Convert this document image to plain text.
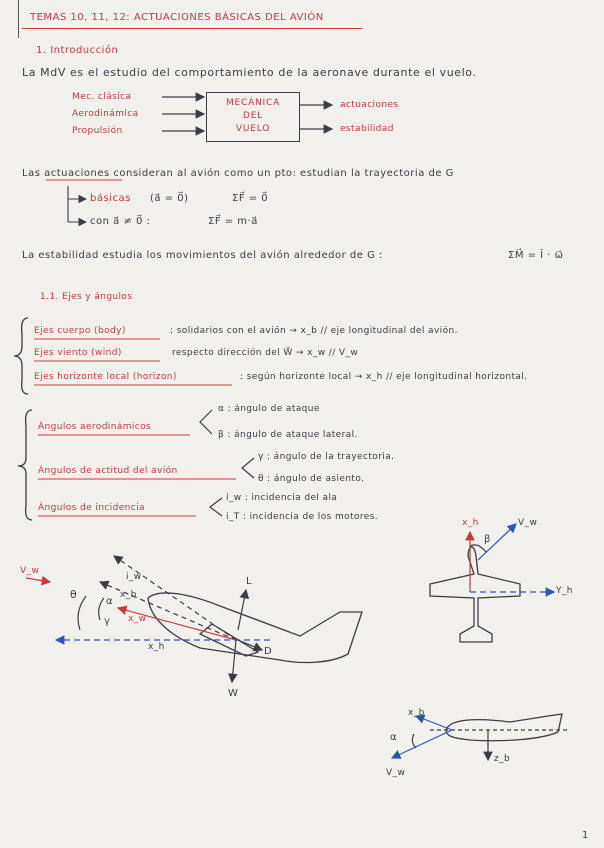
TEMAS 10, 11, 12: ACTUACIONES BÁSICAS DEL AVIÓN
1. Introducción
La MdV es el estudio del comportamiento de la aeronave durante el vuelo.
Mec. clásica
Aerodinámica
Propulsión
MECÁNICA
DEL
VUELO
actuaciones
estabilidad
Las actuaciones consideran al avión como un pto: estudian la trayectoria de G
básicas (a⃗ = 0⃗)	ΣF⃗ = 0⃗
con a⃗ ≠ 0⃗ :	ΣF⃗ = m·a⃗
La estabilidad estudia los movimientos del avión alrededor de G :	ΣM⃗ = Ī · ω⃗
1.1. Ejes y ángulos
Ejes cuerpo (body)	: solidarios con el avión → x_b // eje longitudinal del avión.
Ejes viento (wind)	respecto dirección del W⃗ → x_w // V_w
Ejes horizonte local (horizon)	: según horizonte local → x_h // eje longitudinal horizontal.
Ángulos aerodinámicos
α : ángulo de ataque
β : ángulo de ataque lateral.
Ángulos de actitud del avión
γ : ángulo de la trayectoria.
θ : ángulo de asiento.
Ángulos de incidencia
i_w : incidencia del ala
i_T : incidencia de los motores.
V_w
θ
α
γ
i_w
x_b
x_w
x_h
L
D
W
x_h	V_w
β
Y_h
x_b
α
z_b
V_w
1
